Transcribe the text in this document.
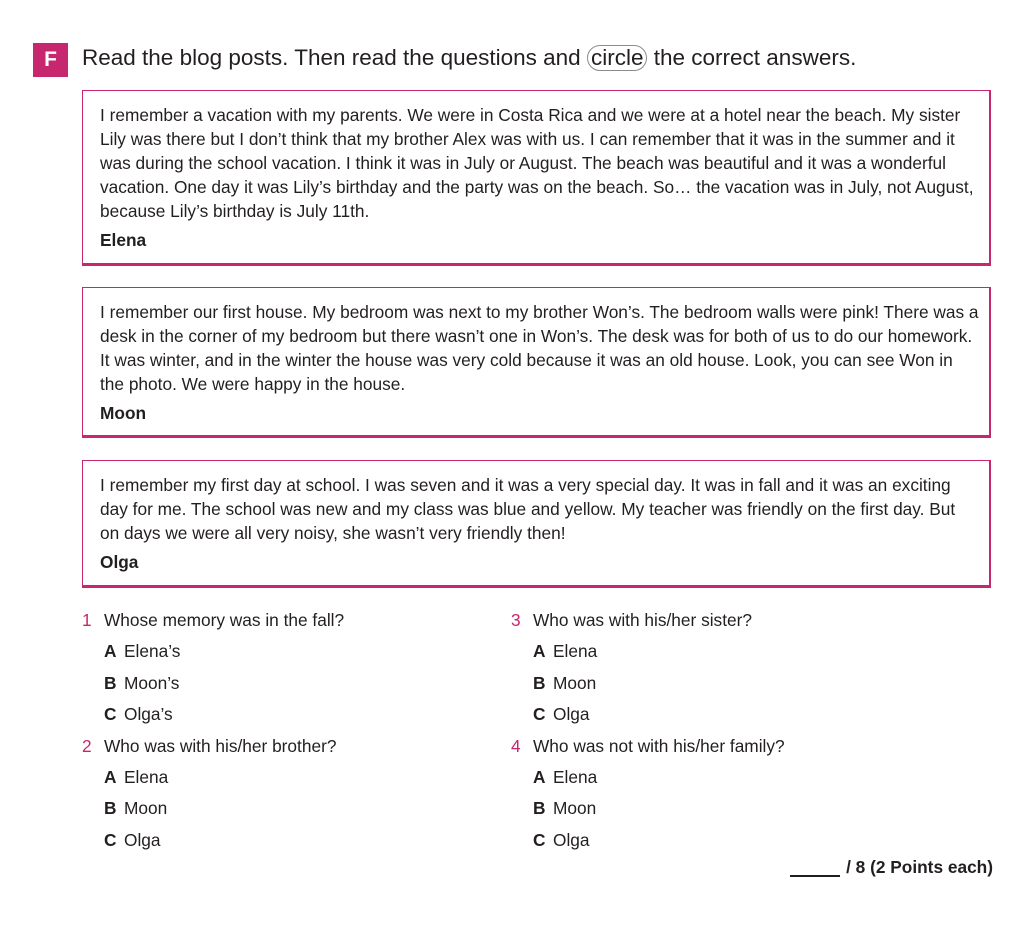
F	Read the blog posts. Then read the questions and circle the correct answers.

I remember a vacation with my parents. We were in Costa Rica and we were at a hotel near the beach. My sister Lily was there but I don’t think that my brother Alex was with us. I can remember that it was in the summer and it was during the school vacation. I think it was in July or August. The beach was beautiful and it was a wonderful vacation. One day it was Lily’s birthday and the party was on the beach. So… the vacation was in July, not August, because Lily’s birthday is July 11th.

Elena

I remember our first house. My bedroom was next to my brother Won’s. The bedroom walls were pink! There was a desk in the corner of my bedroom but there wasn’t one in Won’s. The desk was for both of us to do our homework. It was winter, and in the winter the house was very cold because it was an old house. Look, you can see Won in the photo. We were happy in the house.

Moon

I remember my first day at school. I was seven and it was a very special day. It was in fall and it was an exciting day for me. The school was new and my class was blue and yellow. My teacher was friendly on the first day. But on days we were all very noisy, she wasn’t very friendly then!

Olga
1 Whose memory was in the fall?
A Elena’s
B Moon’s
C Olga’s
2 Who was with his/her brother?
A Elena
B Moon
C Olga
3 Who was with his/her sister?
A Elena
B Moon
C Olga
4 Who was not with his/her family?
A Elena
B Moon
C Olga
/ 8 (2 Points each)
